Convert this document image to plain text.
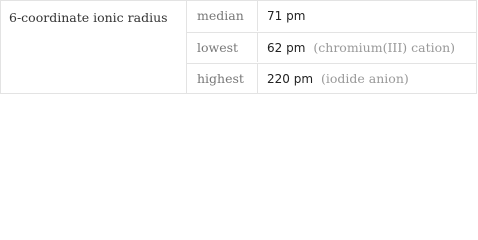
6-coordinate ionic radius	median	71 pm
lowest	62 pm (chromium(III) cation)
highest	220 pm (iodide anion)
